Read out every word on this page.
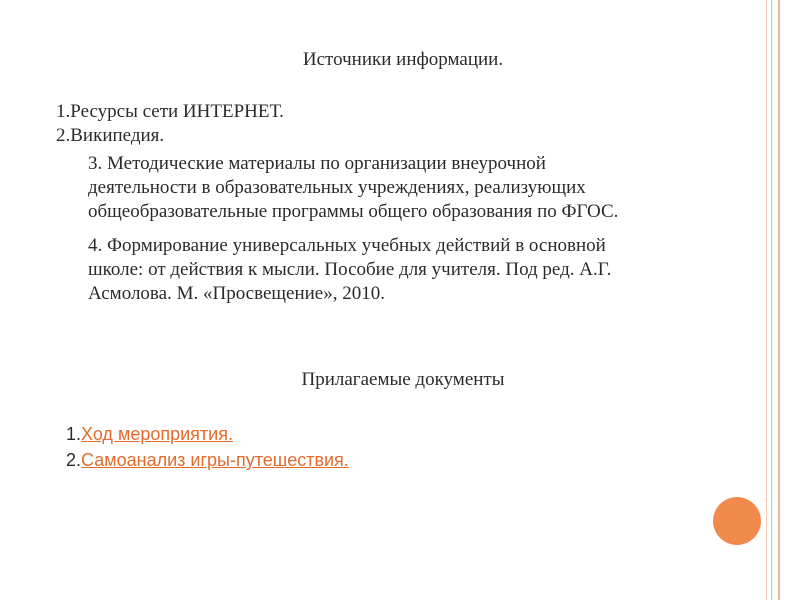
Источники информации.
1.Ресурсы сети ИНТЕРНЕТ.
2.Википедия.
3. Методические материалы по организации внеурочной
деятельности в образовательных учреждениях, реализующих
общеобразовательные программы общего образования по ФГОС.
4. Формирование универсальных учебных действий в основной
школе: от действия к мысли. Пособие для учителя. Под ред. А.Г.
Асмолова. М. «Просвещение», 2010.
Прилагаемые документы
1.Ход мероприятия.
2.Самоанализ игры-путешествия.
